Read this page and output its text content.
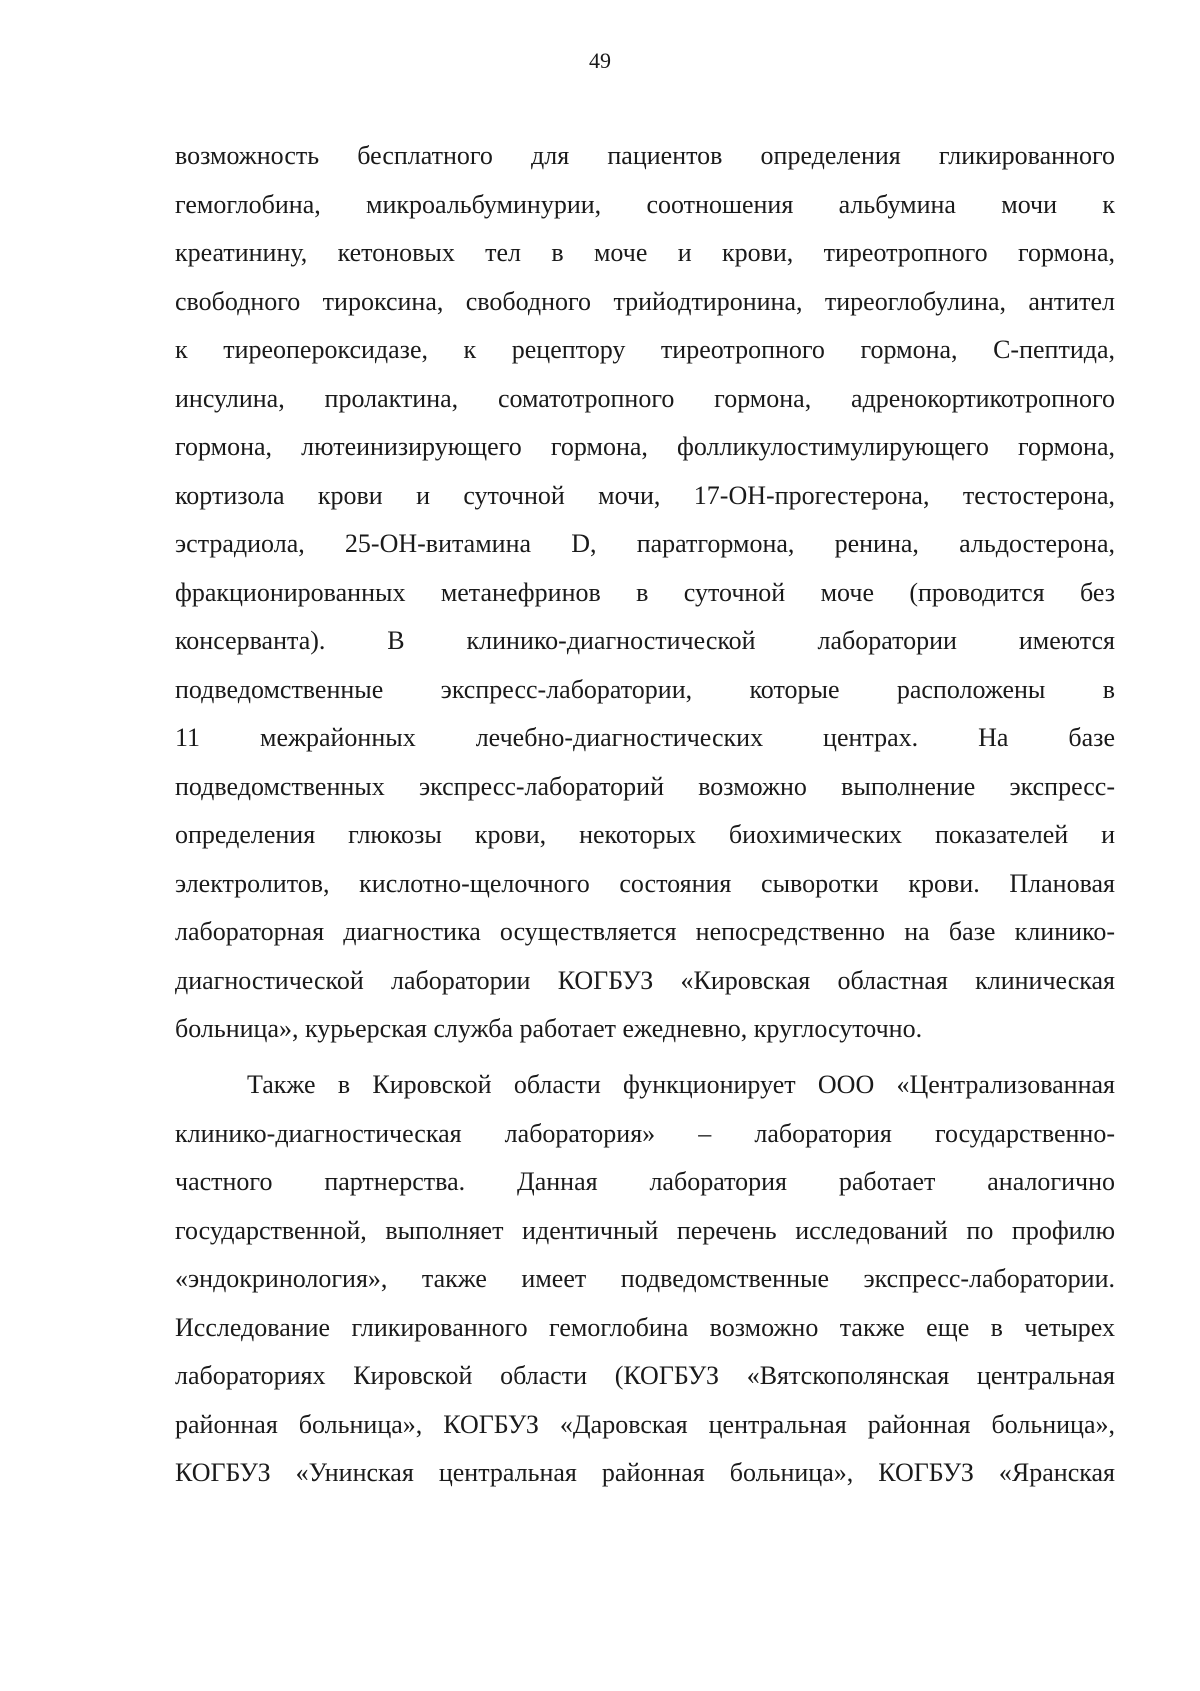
49
возможность бесплатного для пациентов определения гликированного
гемоглобина, микроальбуминурии, соотношения альбумина мочи к
креатинину, кетоновых тел в моче и крови, тиреотропного гормона,
свободного тироксина, свободного трийодтиронина, тиреоглобулина, антител
к тиреопероксидазе, к рецептору тиреотропного гормона, С-пептида,
инсулина, пролактина, соматотропного гормона, адренокортикотропного
гормона, лютеинизирующего гормона, фолликулостимулирующего гормона,
кортизола крови и суточной мочи, 17-ОН-прогестерона, тестостерона,
эстрадиола, 25-ОН-витамина D, паратгормона, ренина, альдостерона,
фракционированных метанефринов в суточной моче (проводится без
консерванта). В клинико-диагностической лаборатории имеются
подведомственные экспресс-лаборатории, которые расположены в
11 межрайонных лечебно-диагностических центрах. На базе
подведомственных экспресс-лабораторий возможно выполнение экспресс-
определения глюкозы крови, некоторых биохимических показателей и
электролитов, кислотно-щелочного состояния сыворотки крови. Плановая
лабораторная диагностика осуществляется непосредственно на базе клинико-
диагностической лаборатории КОГБУЗ «Кировская областная клиническая
больница», курьерская служба работает ежедневно, круглосуточно.
Также в Кировской области функционирует ООО «Централизованная
клинико-диагностическая лаборатория» – лаборатория государственно-
частного партнерства. Данная лаборатория работает аналогично
государственной, выполняет идентичный перечень исследований по профилю
«эндокринология», также имеет подведомственные экспресс-лаборатории.
Исследование гликированного гемоглобина возможно также еще в четырех
лабораториях Кировской области (КОГБУЗ «Вятскополянская центральная
районная больница», КОГБУЗ «Даровская центральная районная больница»,
КОГБУЗ «Унинская центральная районная больница», КОГБУЗ «Яранская
